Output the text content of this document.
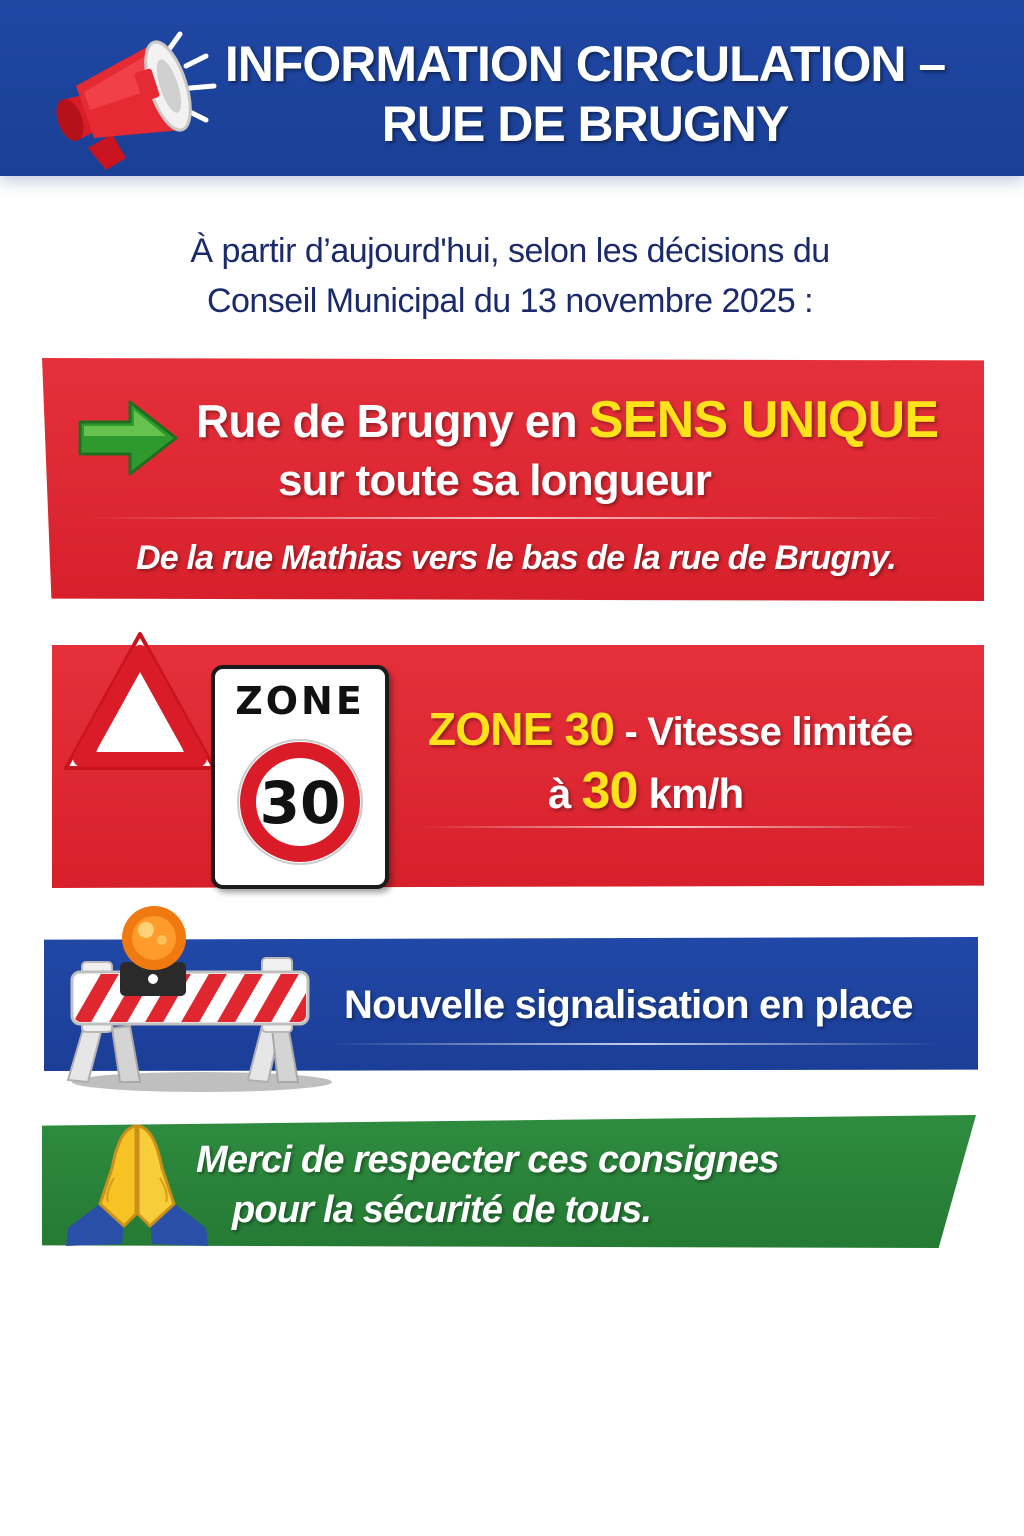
INFORMATION CIRCULATION –
RUE DE BRUGNY
À partir d’aujourd'hui, selon les décisions du
Conseil Municipal du 13 novembre 2025 :
Rue de Brugny en SENS UNIQUE
sur toute sa longueur
De la rue Mathias vers le bas de la rue de Brugny.
ZONE
30
ZONE 30 - Vitesse limitée
à 30 km/h
Nouvelle signalisation en place
Merci de respecter ces consignes
pour la sécurité de tous.
